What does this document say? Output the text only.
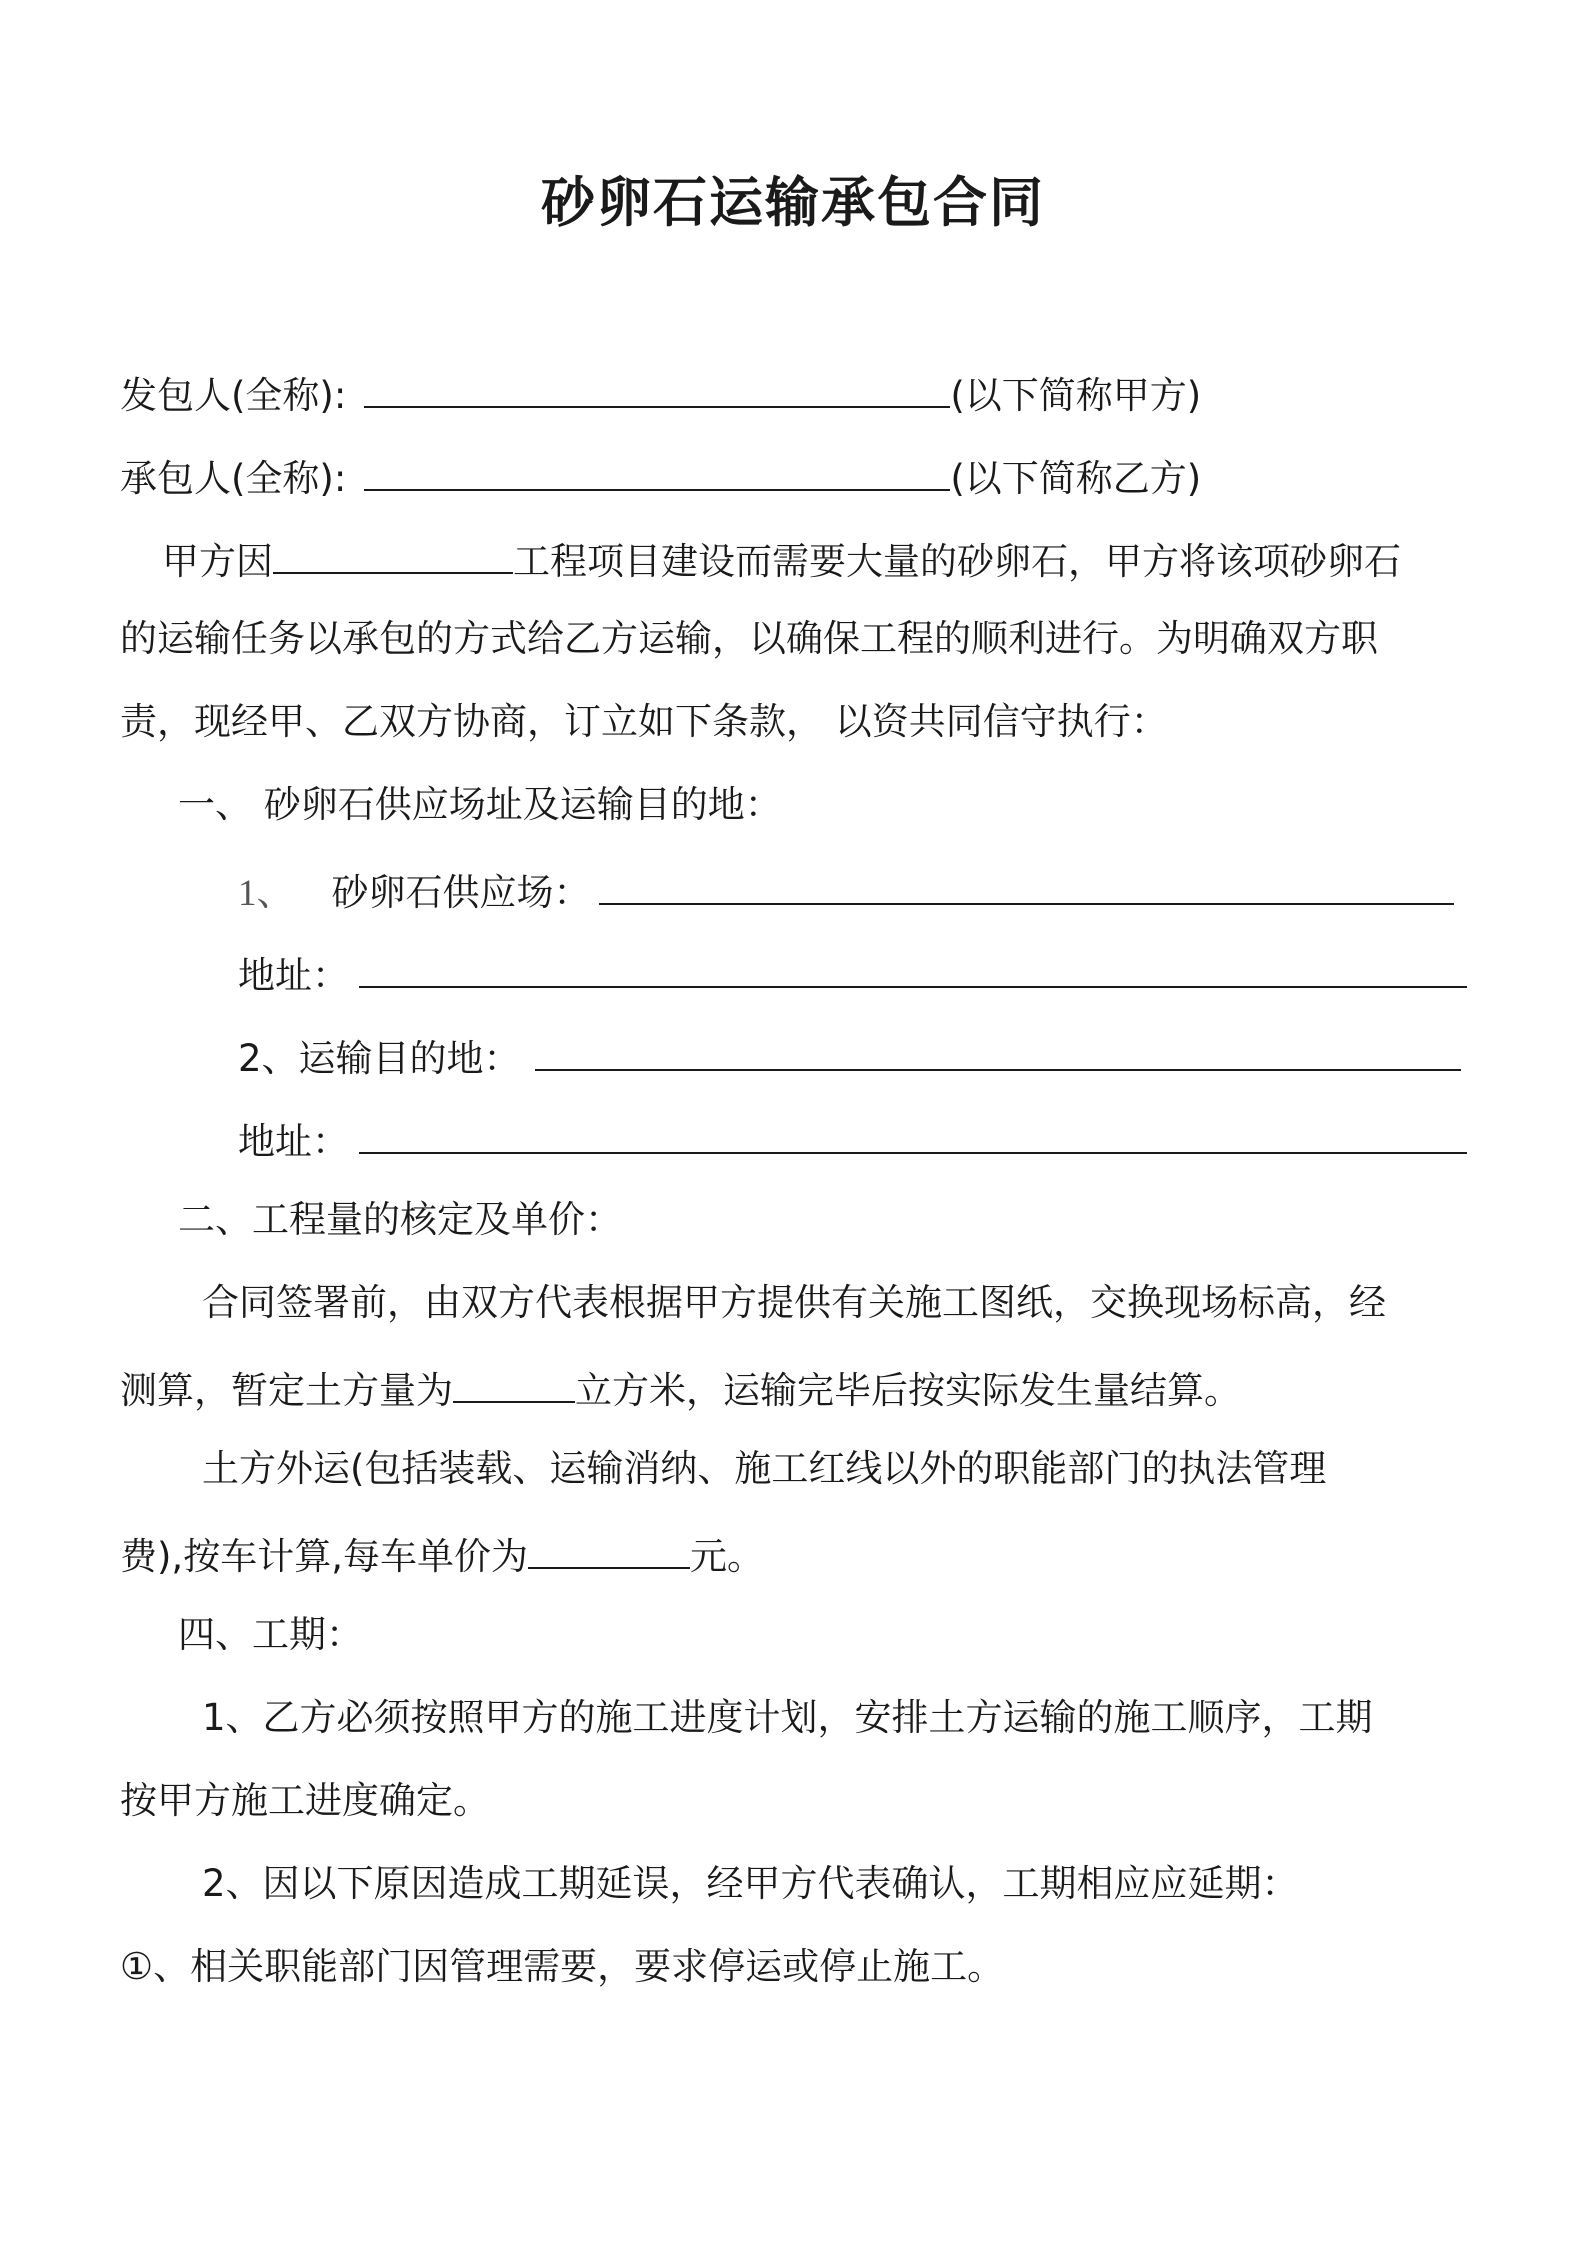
砂卵石运输承包合同
发包人(全称):	(以下简称甲方)
承包人(全称):	(以下简称乙方)
甲方因	工程项目建设而需要大量的砂卵石，甲方将该项砂卵石
的运输任务以承包的方式给乙方运输，以确保工程的顺利进行。为明确双方职
责，现经甲、乙双方协商，订立如下条款， 以资共同信守执行：
一、 砂卵石供应场址及运输目的地：
1、 砂卵石供应场：
地址：
2、运输目的地：
地址：
二、工程量的核定及单价：
合同签署前，由双方代表根据甲方提供有关施工图纸，交换现场标高，经
测算，暂定土方量为	立方米，运输完毕后按实际发生量结算。
土方外运(包括装载、运输消纳、施工红线以外的职能部门的执法管理
费),按车计算,每车单价为	元。
四、工期：
1、乙方必须按照甲方的施工进度计划，安排土方运输的施工顺序，工期
按甲方施工进度确定。
2、因以下原因造成工期延误，经甲方代表确认，工期相应应延期：
①、相关职能部门因管理需要，要求停运或停止施工。
